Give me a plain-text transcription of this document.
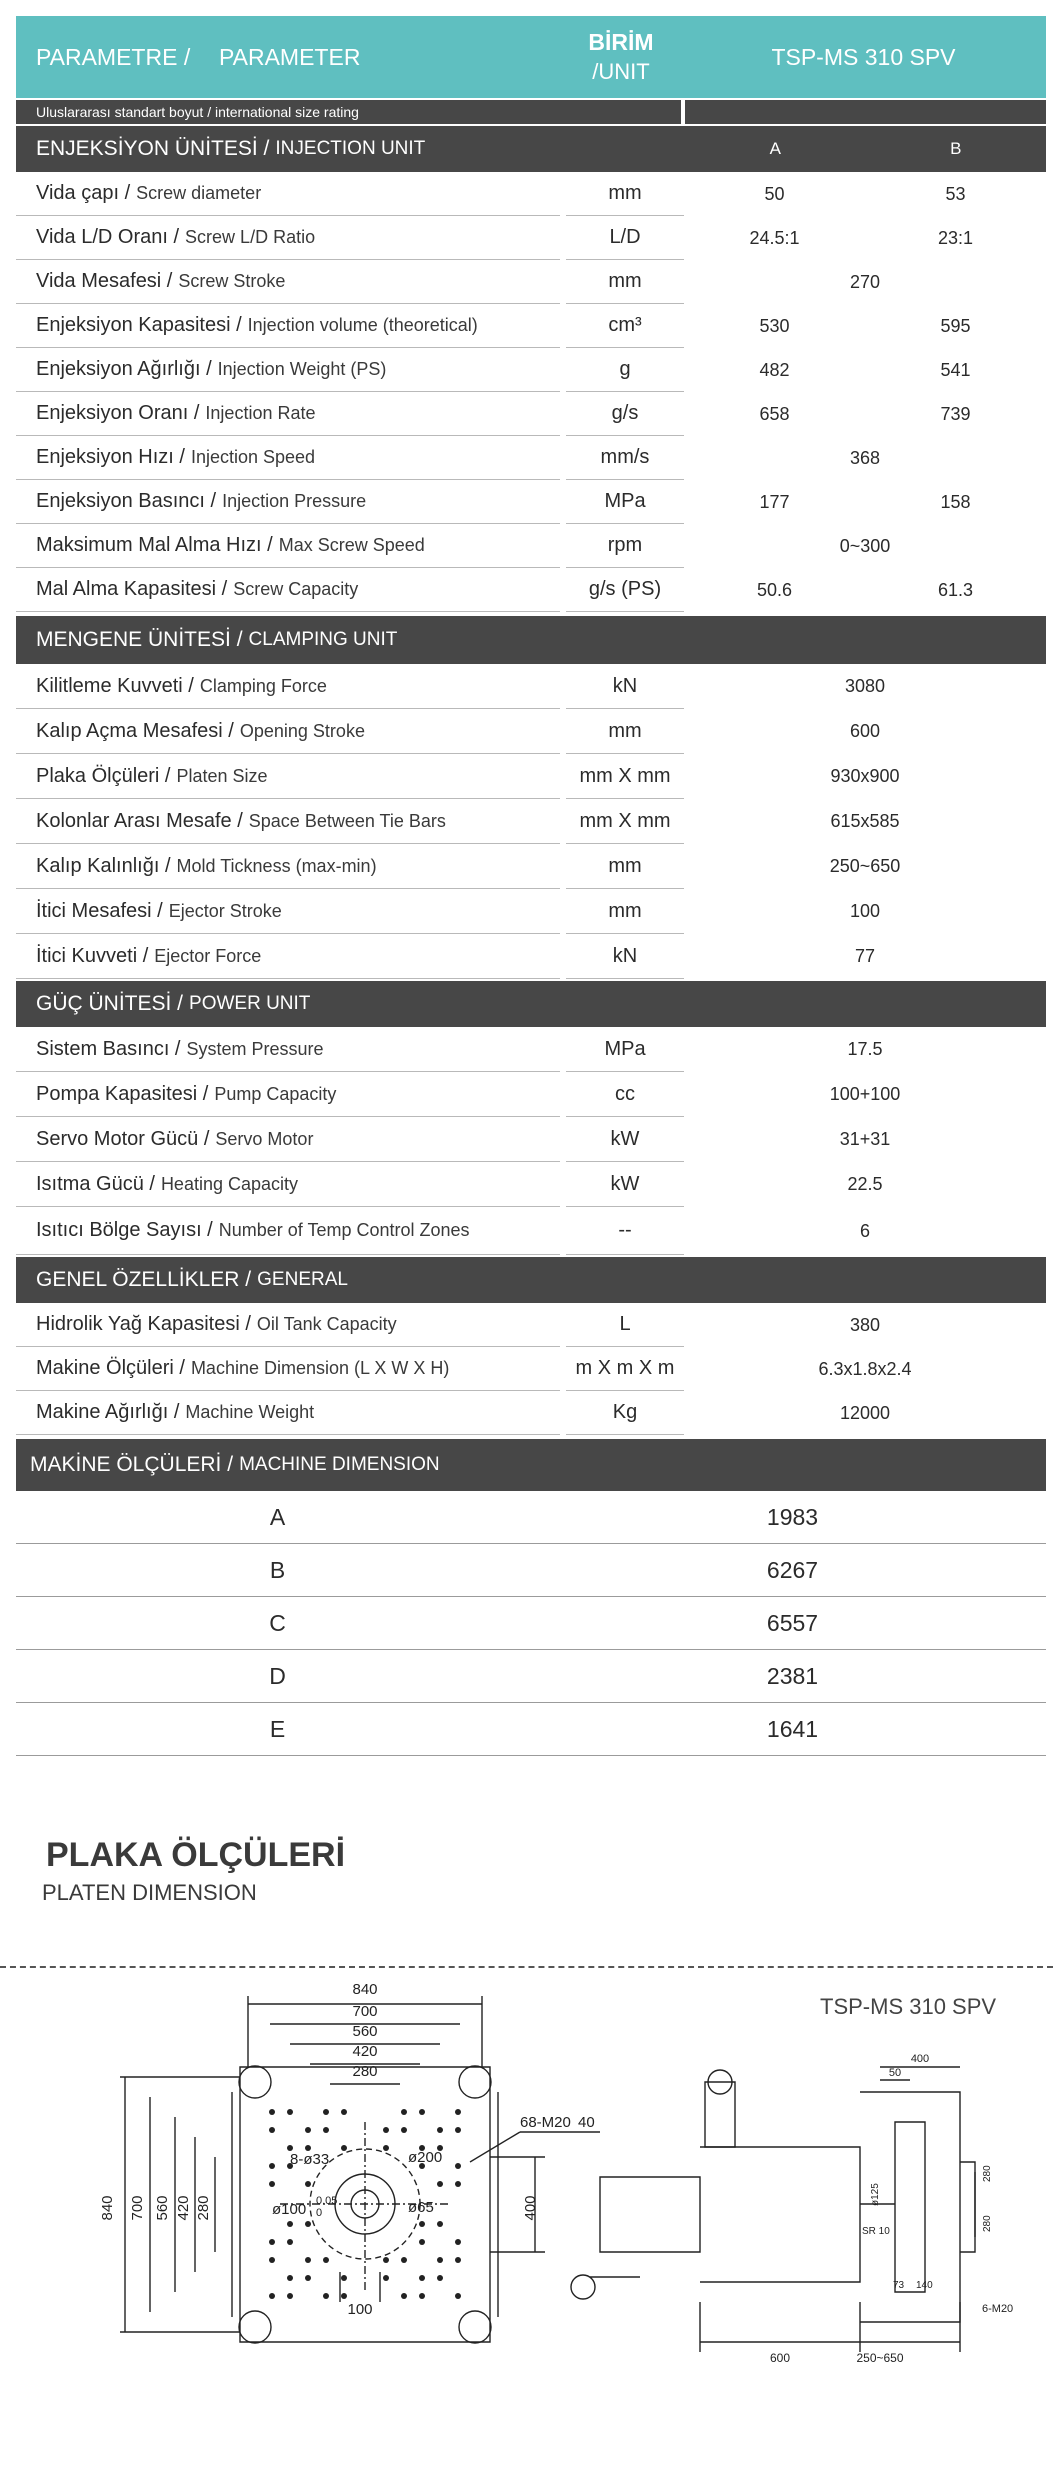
PARAMETRE /	PARAMETER
BİRİM
/UNIT
TSP-MS 310 SPV
Uluslararası standart boyut / international size rating
ENJEKSİYON ÜNİTESİ / INJECTION UNIT	A	B
Vida çapı / Screw diameter	mm	50	53
Vida L/D Oranı / Screw L/D Ratio	L/D	24.5:1	23:1
Vida Mesafesi / Screw Stroke	mm	270
Enjeksiyon Kapasitesi / Injection volume (theoretical)	cm³	530	595
Enjeksiyon Ağırlığı / Injection Weight (PS)	g	482	541
Enjeksiyon Oranı / Injection Rate	g/s	658	739
Enjeksiyon Hızı / Injection Speed	mm/s	368
Enjeksiyon Basıncı / Injection Pressure	MPa	177	158
Maksimum Mal Alma Hızı / Max Screw Speed	rpm	0~300
Mal Alma Kapasitesi / Screw Capacity	g/s (PS)	50.6	61.3
MENGENE ÜNİTESİ / CLAMPING UNIT
Kilitleme Kuvveti / Clamping Force	kN	3080
Kalıp Açma Mesafesi / Opening Stroke	mm	600
Plaka Ölçüleri / Platen Size	mm X mm	930x900
Kolonlar Arası Mesafe / Space Between Tie Bars	mm X mm	615x585
Kalıp Kalınlığı / Mold Tickness (max-min)	mm	250~650
İtici Mesafesi / Ejector Stroke	mm	100
İtici Kuvveti / Ejector Force	kN	77
GÜÇ ÜNİTESİ / POWER UNIT
Sistem Basıncı / System Pressure	MPa	17.5
Pompa Kapasitesi / Pump Capacity	cc	100+100
Servo Motor Gücü / Servo Motor	kW	31+31
Isıtma Gücü / Heating Capacity	kW	22.5
Isıtıcı Bölge Sayısı / Number of Temp Control Zones	--	6
GENEL ÖZELLİKLER / GENERAL
Hidrolik Yağ Kapasitesi / Oil Tank Capacity	L	380
Makine Ölçüleri / Machine Dimension (L X W X H)	m X m X m	6.3x1.8x2.4
Makine Ağırlığı / Machine Weight	Kg	12000
MAKİNE ÖLÇÜLERİ / MACHINE DIMENSION
A	1983
B	6267
C	6557
D	2381
E	1641
PLAKA ÖLÇÜLERİ
PLATEN DIMENSION
TSP-MS 310 SPV
840
700
560
420
280
840 700 560 420 280
68-M20 40
8-ø33	ø200
ø100 0.05
0	ø65
100
400
400
50
ø125
SR 10
73 140
280
280
6-M20
600	250~650
